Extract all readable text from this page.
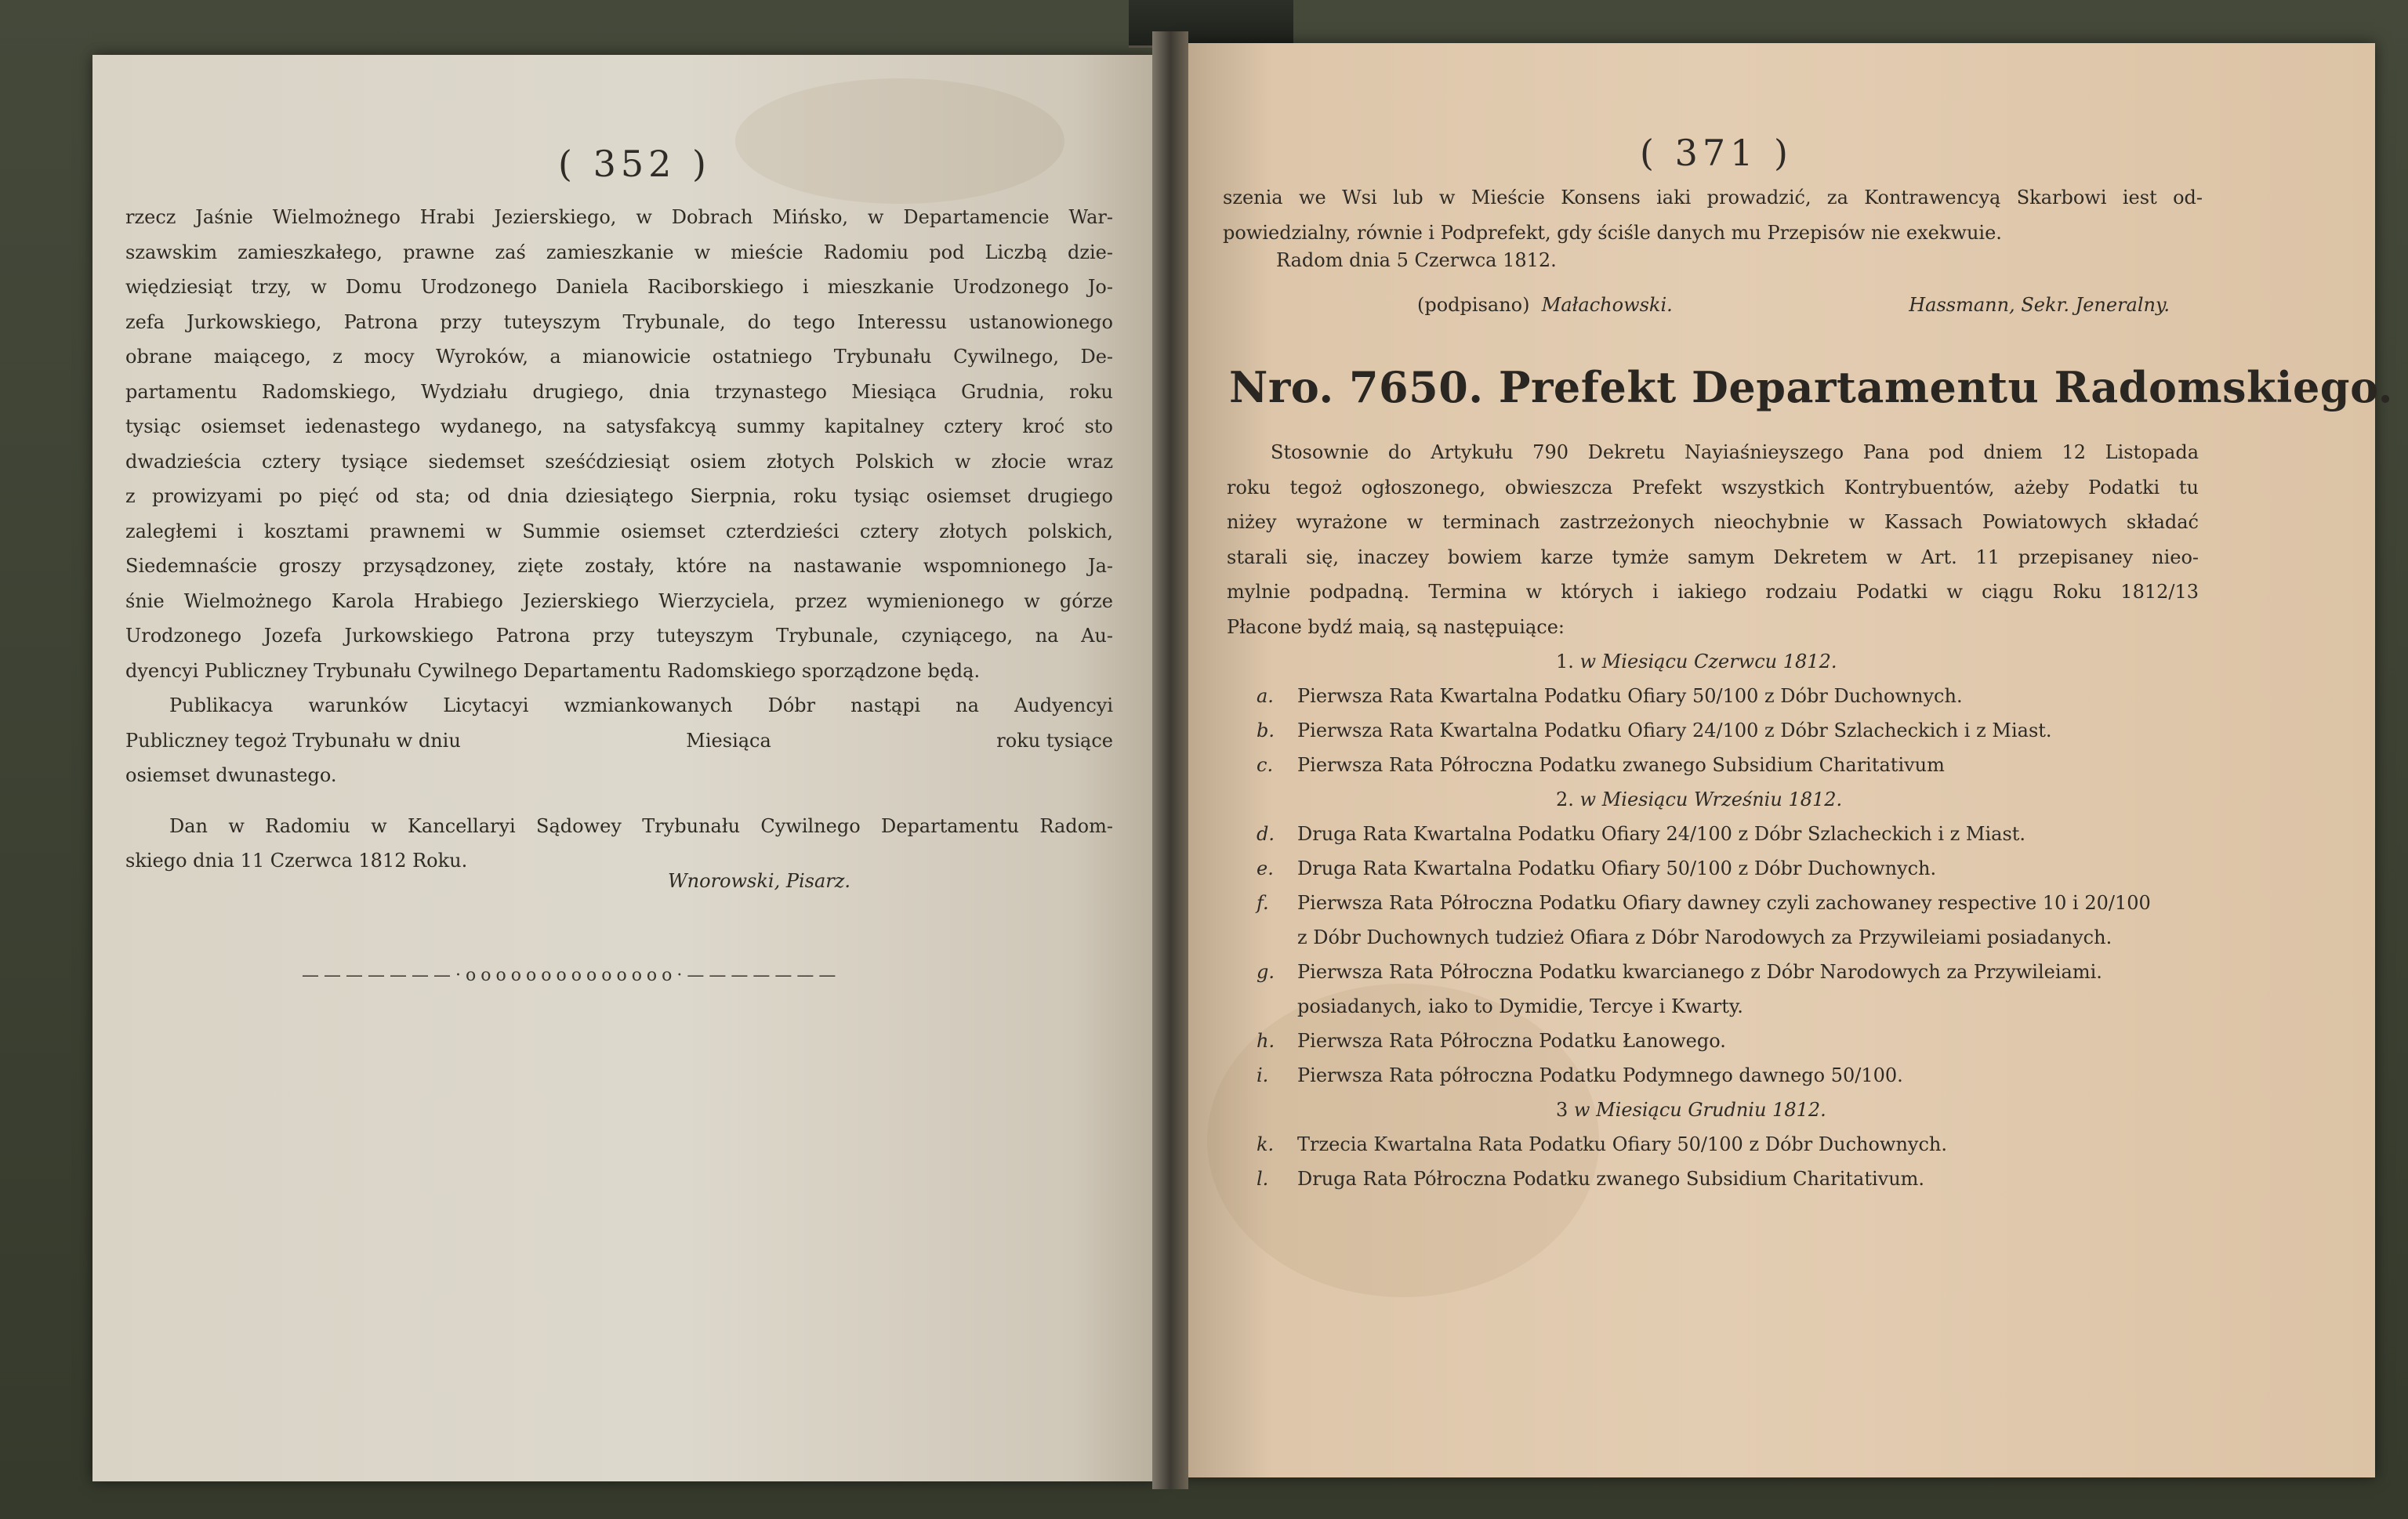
( 352 )
rzecz Jaśnie Wielmożnego Hrabi Jezierskiego, w Dobrach Mińsko, w Departamencie War-
szawskim zamieszkałego, prawne zaś zamieszkanie w mieście Radomiu pod Liczbą dzie-
więdziesiąt trzy, w Domu Urodzonego Daniela Raciborskiego i mieszkanie Urodzonego Jo-
zefa Jurkowskiego, Patrona przy tuteyszym Trybunale, do tego Interessu ustanowionego
obrane maiącego, z mocy Wyroków, a mianowicie ostatniego Trybunału Cywilnego, De-
partamentu Radomskiego, Wydziału drugiego, dnia trzynastego Miesiąca Grudnia, roku
tysiąc osiemset iedenastego wydanego, na satysfakcyą summy kapitalney cztery kroć sto
dwadzieścia cztery tysiące siedemset sześćdziesiąt osiem złotych Polskich w złocie wraz
z prowizyami po pięć od sta; od dnia dziesiątego Sierpnia, roku tysiąc osiemset drugiego
zaległemi i kosztami prawnemi w Summie osiemset czterdzieści cztery złotych polskich,
Siedemnaście groszy przysądzoney, zięte zostały, które na nastawanie wspomnionego Ja-
śnie Wielmożnego Karola Hrabiego Jezierskiego Wierzyciela, przez wymienionego w górze
Urodzonego Jozefa Jurkowskiego Patrona przy tuteyszym Trybunale, czyniącego, na Au-
dyencyi Publiczney Trybunału Cywilnego Departamentu Radomskiego sporządzone będą.
Publikacya warunków Licytacyi wzmiankowanych Dóbr nastąpi na Audyencyi
Publiczney tegoż Trybunału w dniu	Miesiąca	roku tysiące
osiemset dwunastego.
Dan w Radomiu w Kancellaryi Sądowey Trybunału Cywilnego Departamentu Radom-
skiego dnia 11 Czerwca 1812 Roku.
Wnorowski, Pisarz.
———————·oooooooooooooo·———————
( 371 )
szenia we Wsi lub w Mieście Konsens iaki prowadzić, za Kontrawencyą Skarbowi iest od-
powiedzialny, równie i Podprefekt, gdy ściśle danych mu Przepisów nie exekwuie.
Radom dnia 5 Czerwca 1812.
(podpisano) Małachowski.	Hassmann, Sekr. Jeneralny.
Nro. 7650. Prefekt Departamentu Radomskiego.
Stosownie do Artykułu 790 Dekretu Nayiaśnieyszego Pana pod dniem 12 Listopada
roku tegoż ogłoszonego, obwieszcza Prefekt wszystkich Kontrybuentów, ażeby Podatki tu
niżey wyrażone w terminach zastrzeżonych nieochybnie w Kassach Powiatowych składać
starali się, inaczey bowiem karze tymże samym Dekretem w Art. 11 przepisaney nieo-
mylnie podpadną. Termina w których i iakiego rodzaiu Podatki w ciągu Roku 1812/13
Płacone bydź maią, są następuiące:
1. w Miesiącu Czerwcu 1812.
a.	Pierwsza Rata Kwartalna Podatku Ofiary 50/100 z Dóbr Duchownych.
b.	Pierwsza Rata Kwartalna Podatku Ofiary 24/100 z Dóbr Szlacheckich i z Miast.
c.	Pierwsza Rata Półroczna Podatku zwanego Subsidium Charitativum
2. w Miesiącu Wrześniu 1812.
d.	Druga Rata Kwartalna Podatku Ofiary 24/100 z Dóbr Szlacheckich i z Miast.
e.	Druga Rata Kwartalna Podatku Ofiary 50/100 z Dóbr Duchownych.
f.	Pierwsza Rata Półroczna Podatku Ofiary dawney czyli zachowaney respective 10 i 20/100
z Dóbr Duchownych tudzież Ofiara z Dóbr Narodowych za Przywileiami posiadanych.
g.	Pierwsza Rata Półroczna Podatku kwarcianego z Dóbr Narodowych za Przywileiami.
posiadanych, iako to Dymidie, Tercye i Kwarty.
h.	Pierwsza Rata Półroczna Podatku Łanowego.
i.	Pierwsza Rata półroczna Podatku Podymnego dawnego 50/100.
3 w Miesiącu Grudniu 1812.
k.	Trzecia Kwartalna Rata Podatku Ofiary 50/100 z Dóbr Duchownych.
l.	Druga Rata Półroczna Podatku zwanego Subsidium Charitativum.
